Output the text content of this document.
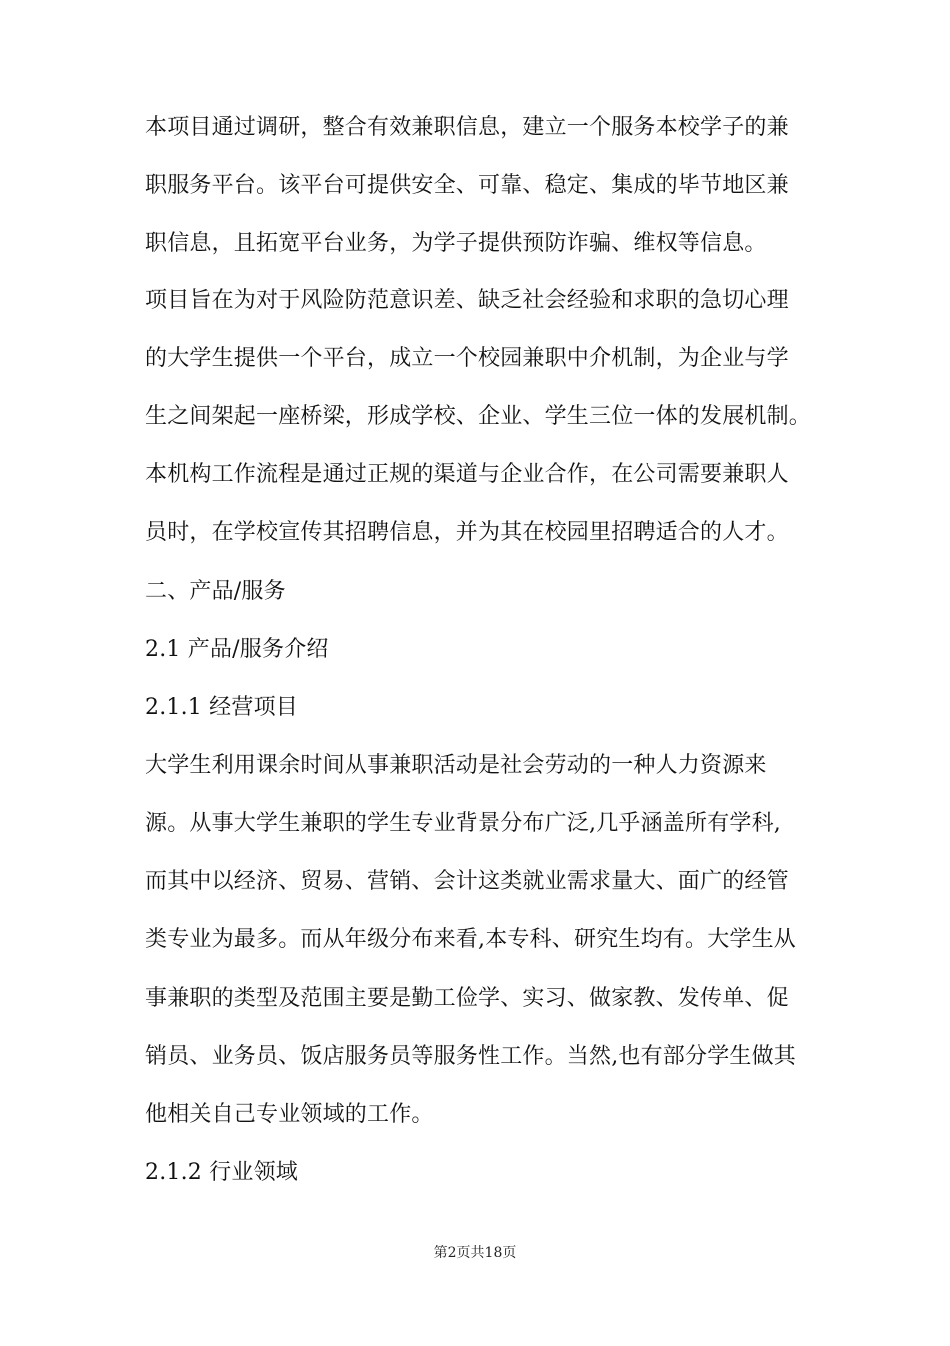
本项目通过调研，整合有效兼职信息，建立一个服务本校学子的兼
职服务平台。该平台可提供安全、可靠、稳定、集成的毕节地区兼
职信息，且拓宽平台业务，为学子提供预防诈骗、维权等信息。
项目旨在为对于风险防范意识差、缺乏社会经验和求职的急切心理
的大学生提供一个平台，成立一个校园兼职中介机制，为企业与学
生之间架起一座桥梁，形成学校、企业、学生三位一体的发展机制。
本机构工作流程是通过正规的渠道与企业合作，在公司需要兼职人
员时，在学校宣传其招聘信息，并为其在校园里招聘适合的人才。
二、产品/服务
2.1 产品/服务介绍
2.1.1 经营项目
大学生利用课余时间从事兼职活动是社会劳动的一种人力资源来
源。从事大学生兼职的学生专业背景分布广泛,几乎涵盖所有学科,
而其中以经济、贸易、营销、会计这类就业需求量大、面广的经管
类专业为最多。而从年级分布来看,本专科、研究生均有。大学生从
事兼职的类型及范围主要是勤工俭学、实习、做家教、发传单、促
销员、业务员、饭店服务员等服务性工作。当然,也有部分学生做其
他相关自己专业领域的工作。
2.1.2 行业领域
第2页共18页
